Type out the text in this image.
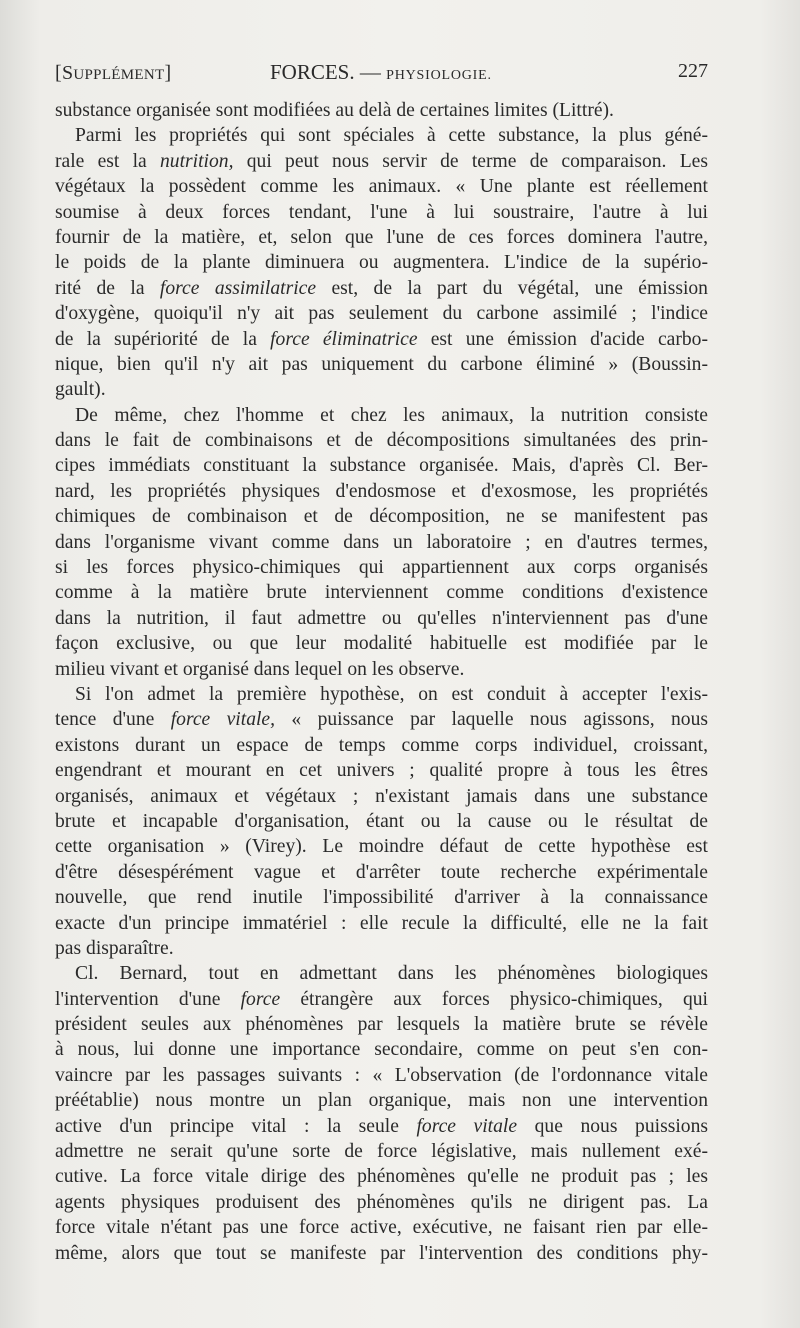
[SUPPLÉMENT]	FORCES. — PHYSIOLOGIE.	227
substance organisée sont modifiées au delà de certaines limites (Littré).
Parmi les propriétés qui sont spéciales à cette substance, la plus géné-
rale est la nutrition, qui peut nous servir de terme de comparaison. Les
végétaux la possèdent comme les animaux. « Une plante est réellement
soumise à deux forces tendant, l'une à lui soustraire, l'autre à lui
fournir de la matière, et, selon que l'une de ces forces dominera l'autre,
le poids de la plante diminuera ou augmentera. L'indice de la supério-
rité de la force assimilatrice est, de la part du végétal, une émission
d'oxygène, quoiqu'il n'y ait pas seulement du carbone assimilé ; l'indice
de la supériorité de la force éliminatrice est une émission d'acide carbo-
nique, bien qu'il n'y ait pas uniquement du carbone éliminé » (Boussin-
gault).
De même, chez l'homme et chez les animaux, la nutrition consiste
dans le fait de combinaisons et de décompositions simultanées des prin-
cipes immédiats constituant la substance organisée. Mais, d'après Cl. Ber-
nard, les propriétés physiques d'endosmose et d'exosmose, les propriétés
chimiques de combinaison et de décomposition, ne se manifestent pas
dans l'organisme vivant comme dans un laboratoire ; en d'autres termes,
si les forces physico-chimiques qui appartiennent aux corps organisés
comme à la matière brute interviennent comme conditions d'existence
dans la nutrition, il faut admettre ou qu'elles n'interviennent pas d'une
façon exclusive, ou que leur modalité habituelle est modifiée par le
milieu vivant et organisé dans lequel on les observe.
Si l'on admet la première hypothèse, on est conduit à accepter l'exis-
tence d'une force vitale, « puissance par laquelle nous agissons, nous
existons durant un espace de temps comme corps individuel, croissant,
engendrant et mourant en cet univers ; qualité propre à tous les êtres
organisés, animaux et végétaux ; n'existant jamais dans une substance
brute et incapable d'organisation, étant ou la cause ou le résultat de
cette organisation » (Virey). Le moindre défaut de cette hypothèse est
d'être désespérément vague et d'arrêter toute recherche expérimentale
nouvelle, que rend inutile l'impossibilité d'arriver à la connaissance
exacte d'un principe immatériel : elle recule la difficulté, elle ne la fait
pas disparaître.
Cl. Bernard, tout en admettant dans les phénomènes biologiques
l'intervention d'une force étrangère aux forces physico-chimiques, qui
président seules aux phénomènes par lesquels la matière brute se révèle
à nous, lui donne une importance secondaire, comme on peut s'en con-
vaincre par les passages suivants : « L'observation (de l'ordonnance vitale
préétablie) nous montre un plan organique, mais non une intervention
active d'un principe vital : la seule force vitale que nous puissions
admettre ne serait qu'une sorte de force législative, mais nullement exé-
cutive. La force vitale dirige des phénomènes qu'elle ne produit pas ; les
agents physiques produisent des phénomènes qu'ils ne dirigent pas. La
force vitale n'étant pas une force active, exécutive, ne faisant rien par elle-
même, alors que tout se manifeste par l'intervention des conditions phy-
